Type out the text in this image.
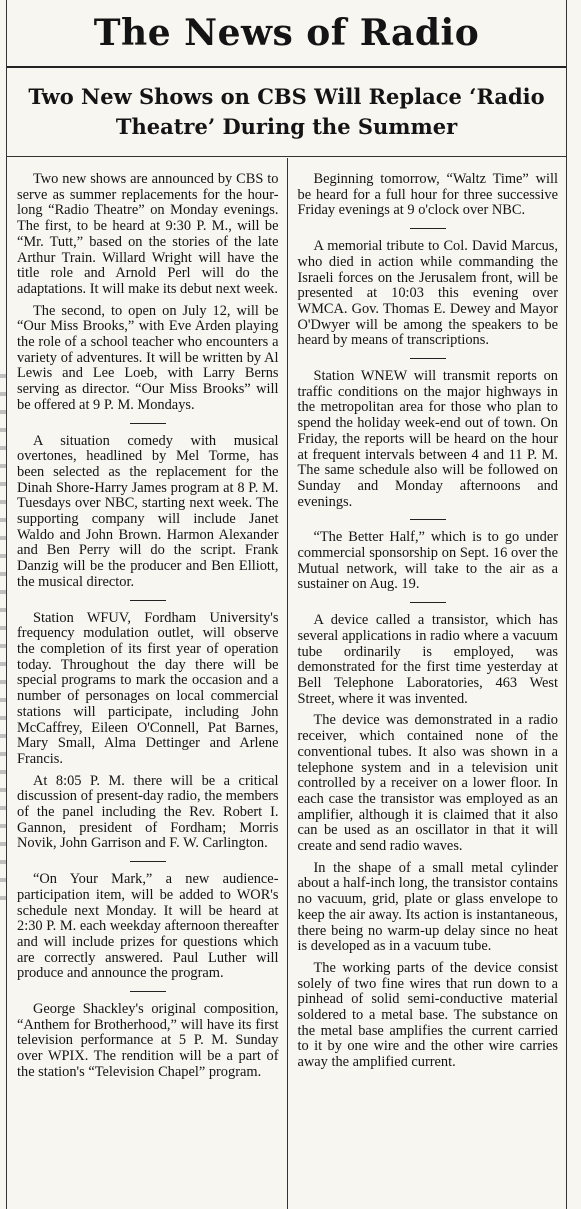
The News of Radio
Two New Shows on CBS Will Replace ‘Radio Theatre’ During the Summer

Two new shows are announced by CBS to serve as summer replacements for the hour-long “Radio Theatre” on Monday evenings. The first, to be heard at 9:30 P. M., will be “Mr. Tutt,” based on the stories of the late Arthur Train. Willard Wright will have the title role and Arnold Perl will do the adaptations. It will make its debut next week.

The second, to open on July 12, will be “Our Miss Brooks,” with Eve Arden playing the role of a school teacher who encounters a variety of adventures. It will be written by Al Lewis and Lee Loeb, with Larry Berns serving as director. “Our Miss Brooks” will be offered at 9 P. M. Mondays.

A situation comedy with musical overtones, headlined by Mel Torme, has been selected as the replacement for the Dinah Shore-Harry James program at 8 P. M. Tuesdays over NBC, starting next week. The supporting company will include Janet Waldo and John Brown. Harmon Alexander and Ben Perry will do the script. Frank Danzig will be the producer and Ben Elliott, the musical director.

Station WFUV, Fordham University's frequency modulation outlet, will observe the completion of its first year of operation today. Throughout the day there will be special programs to mark the occasion and a number of personages on local commercial stations will participate, including John McCaffrey, Eileen O'Connell, Pat Barnes, Mary Small, Alma Dettinger and Arlene Francis.

At 8:05 P. M. there will be a critical discussion of present-day radio, the members of the panel including the Rev. Robert I. Gannon, president of Fordham; Morris Novik, John Garrison and F. W. Carlington.

“On Your Mark,” a new audience-participation item, will be added to WOR's schedule next Monday. It will be heard at 2:30 P. M. each weekday afternoon thereafter and will include prizes for questions which are correctly answered. Paul Luther will produce and announce the program.

George Shackley's original composition, “Anthem for Brotherhood,” will have its first television performance at 5 P. M. Sunday over WPIX. The rendition will be a part of the station's “Television Chapel” program.

Beginning tomorrow, “Waltz Time” will be heard for a full hour for three successive Friday evenings at 9 o'clock over NBC.

A memorial tribute to Col. David Marcus, who died in action while commanding the Israeli forces on the Jerusalem front, will be presented at 10:03 this evening over WMCA. Gov. Thomas E. Dewey and Mayor O'Dwyer will be among the speakers to be heard by means of transcriptions.

Station WNEW will transmit reports on traffic conditions on the major highways in the metropolitan area for those who plan to spend the holiday week-end out of town. On Friday, the reports will be heard on the hour at frequent intervals between 4 and 11 P. M. The same schedule also will be followed on Sunday and Monday afternoons and evenings.

“The Better Half,” which is to go under commercial sponsorship on Sept. 16 over the Mutual network, will take to the air as a sustainer on Aug. 19.

A device called a transistor, which has several applications in radio where a vacuum tube ordinarily is employed, was demonstrated for the first time yesterday at Bell Telephone Laboratories, 463 West Street, where it was invented.

The device was demonstrated in a radio receiver, which contained none of the conventional tubes. It also was shown in a telephone system and in a television unit controlled by a receiver on a lower floor. In each case the transistor was employed as an amplifier, although it is claimed that it also can be used as an oscillator in that it will create and send radio waves.

In the shape of a small metal cylinder about a half-inch long, the transistor contains no vacuum, grid, plate or glass envelope to keep the air away. Its action is instantaneous, there being no warm-up delay since no heat is developed as in a vacuum tube.

The working parts of the device consist solely of two fine wires that run down to a pinhead of solid semi-conductive material soldered to a metal base. The substance on the metal base amplifies the current carried to it by one wire and the other wire carries away the amplified current.
